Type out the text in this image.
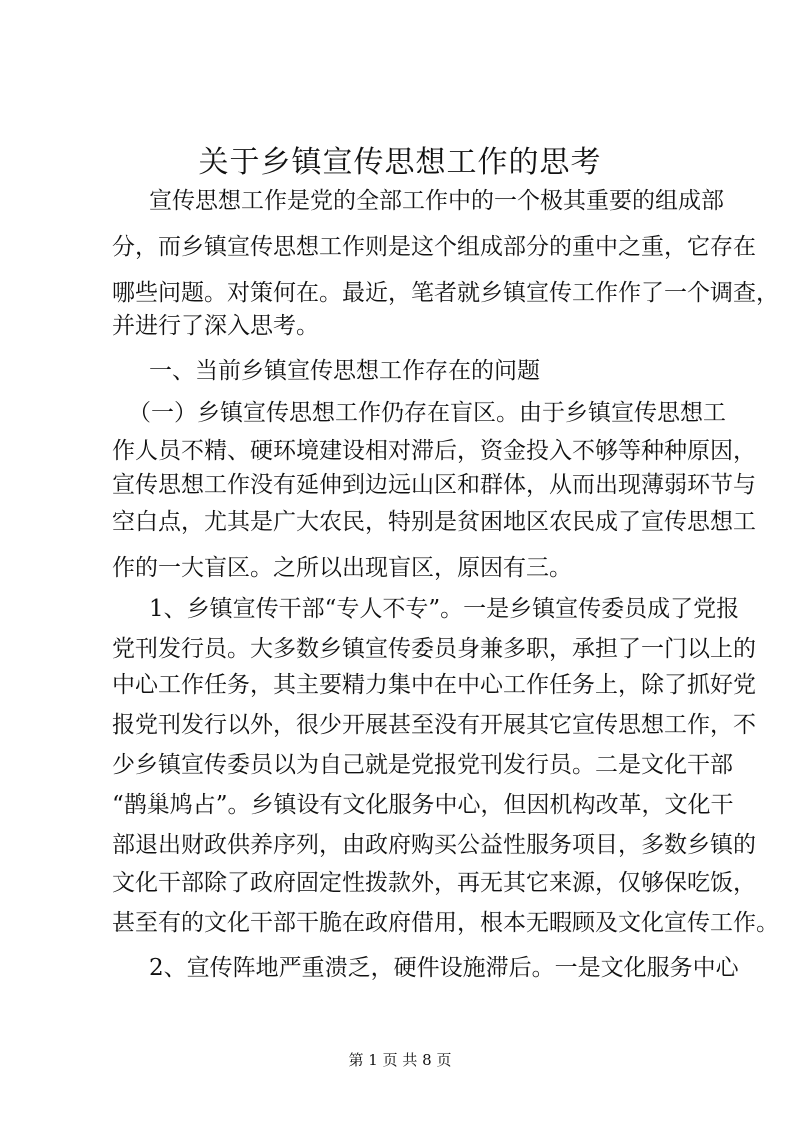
关于乡镇宣传思想工作的思考
宣传思想工作是党的全部工作中的一个极其重要的组成部
分，而乡镇宣传思想工作则是这个组成部分的重中之重，它存在
哪些问题。对策何在。最近，笔者就乡镇宣传工作作了一个调查，
并进行了深入思考。
一、当前乡镇宣传思想工作存在的问题
（一）乡镇宣传思想工作仍存在盲区。由于乡镇宣传思想工
作人员不精、硬环境建设相对滞后，资金投入不够等种种原因，
宣传思想工作没有延伸到边远山区和群体，从而出现薄弱环节与
空白点，尤其是广大农民，特别是贫困地区农民成了宣传思想工
作的一大盲区。之所以出现盲区，原因有三。
1、乡镇宣传干部“专人不专”。一是乡镇宣传委员成了党报
党刊发行员。大多数乡镇宣传委员身兼多职，承担了一门以上的
中心工作任务，其主要精力集中在中心工作任务上，除了抓好党
报党刊发行以外，很少开展甚至没有开展其它宣传思想工作，不
少乡镇宣传委员以为自己就是党报党刊发行员。二是文化干部
“鹊巢鸠占”。乡镇设有文化服务中心，但因机构改革，文化干
部退出财政供养序列，由政府购买公益性服务项目，多数乡镇的
文化干部除了政府固定性拨款外，再无其它来源，仅够保吃饭，
甚至有的文化干部干脆在政府借用，根本无暇顾及文化宣传工作。
2、宣传阵地严重溃乏，硬件设施滞后。一是文化服务中心
第 1 页 共 8 页
